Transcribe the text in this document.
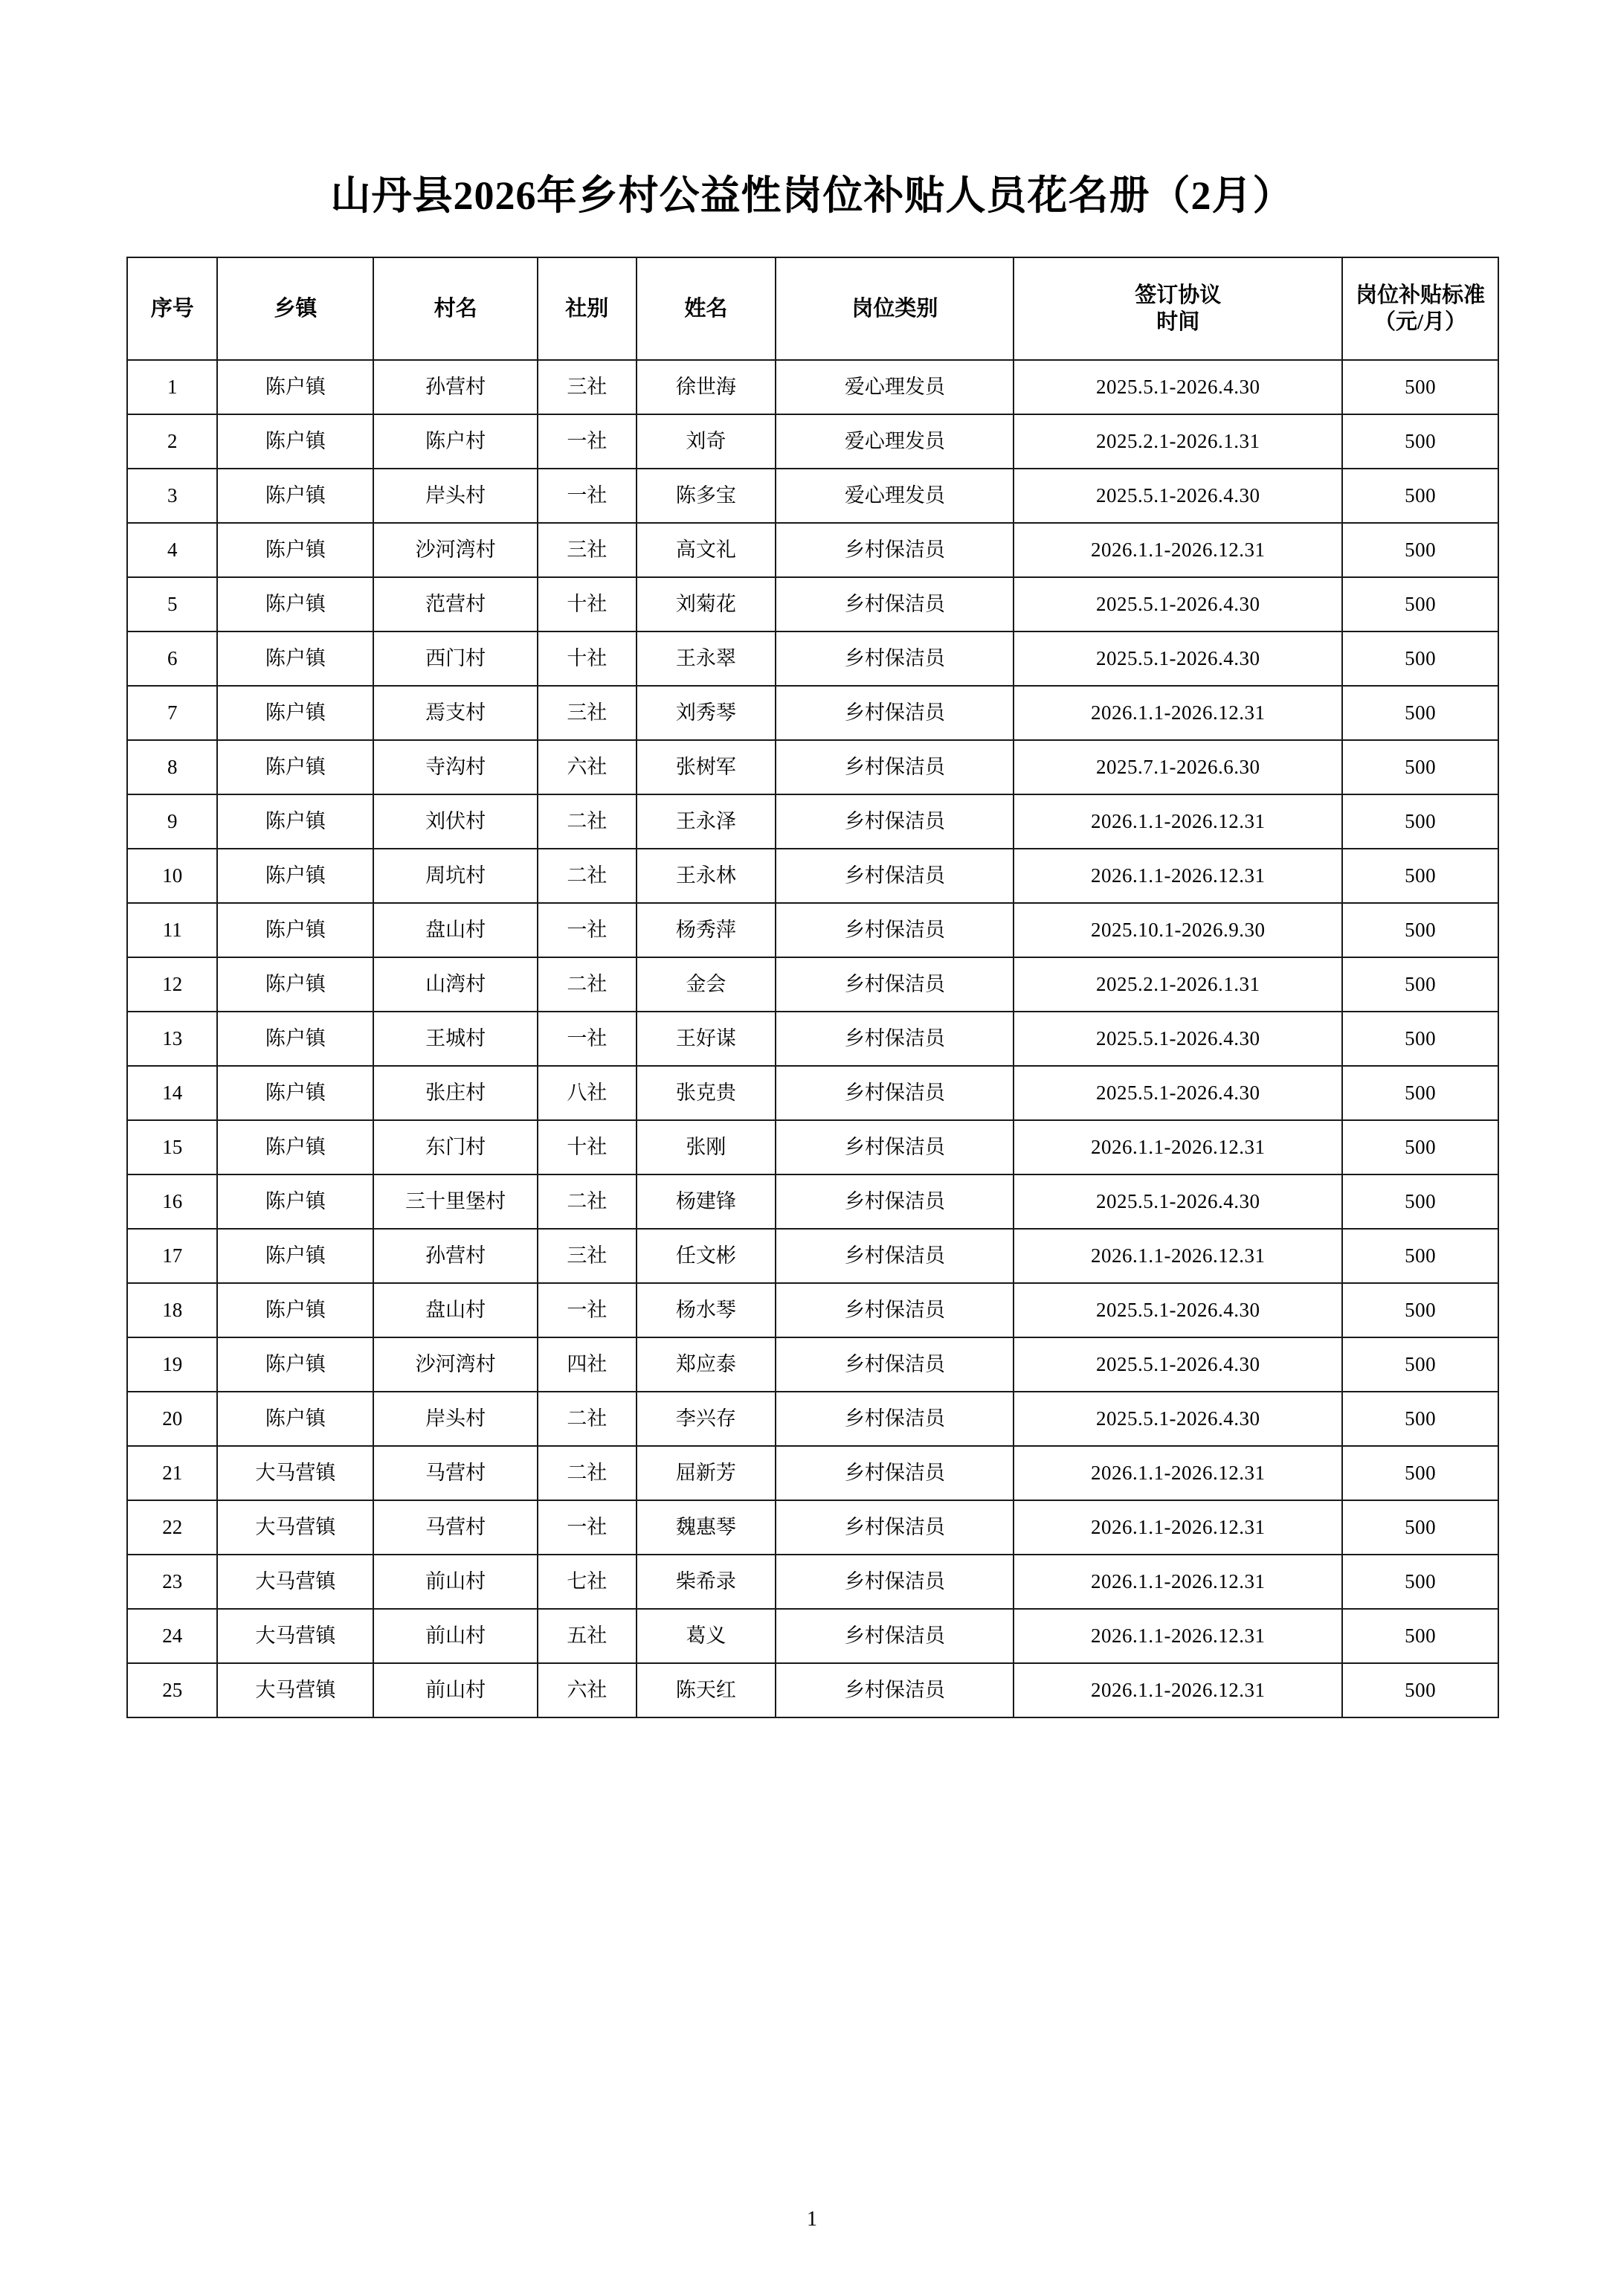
山丹县2026年乡村公益性岗位补贴人员花名册（2月）
序号	乡镇	村名	社别	姓名	岗位类别	签订协议
时间	岗位补贴标准（元/月）
1	陈户镇	孙营村	三社	徐世海	爱心理发员	2025.5.1-2026.4.30	500
2	陈户镇	陈户村	一社	刘奇	爱心理发员	2025.2.1-2026.1.31	500
3	陈户镇	岸头村	一社	陈多宝	爱心理发员	2025.5.1-2026.4.30	500
4	陈户镇	沙河湾村	三社	高文礼	乡村保洁员	2026.1.1-2026.12.31	500
5	陈户镇	范营村	十社	刘菊花	乡村保洁员	2025.5.1-2026.4.30	500
6	陈户镇	西门村	十社	王永翠	乡村保洁员	2025.5.1-2026.4.30	500
7	陈户镇	焉支村	三社	刘秀琴	乡村保洁员	2026.1.1-2026.12.31	500
8	陈户镇	寺沟村	六社	张树军	乡村保洁员	2025.7.1-2026.6.30	500
9	陈户镇	刘伏村	二社	王永泽	乡村保洁员	2026.1.1-2026.12.31	500
10	陈户镇	周坑村	二社	王永林	乡村保洁员	2026.1.1-2026.12.31	500
11	陈户镇	盘山村	一社	杨秀萍	乡村保洁员	2025.10.1-2026.9.30	500
12	陈户镇	山湾村	二社	金会	乡村保洁员	2025.2.1-2026.1.31	500
13	陈户镇	王城村	一社	王好谋	乡村保洁员	2025.5.1-2026.4.30	500
14	陈户镇	张庄村	八社	张克贵	乡村保洁员	2025.5.1-2026.4.30	500
15	陈户镇	东门村	十社	张刚	乡村保洁员	2026.1.1-2026.12.31	500
16	陈户镇	三十里堡村	二社	杨建锋	乡村保洁员	2025.5.1-2026.4.30	500
17	陈户镇	孙营村	三社	任文彬	乡村保洁员	2026.1.1-2026.12.31	500
18	陈户镇	盘山村	一社	杨水琴	乡村保洁员	2025.5.1-2026.4.30	500
19	陈户镇	沙河湾村	四社	郑应泰	乡村保洁员	2025.5.1-2026.4.30	500
20	陈户镇	岸头村	二社	李兴存	乡村保洁员	2025.5.1-2026.4.30	500
21	大马营镇	马营村	二社	屈新芳	乡村保洁员	2026.1.1-2026.12.31	500
22	大马营镇	马营村	一社	魏惠琴	乡村保洁员	2026.1.1-2026.12.31	500
23	大马营镇	前山村	七社	柴希录	乡村保洁员	2026.1.1-2026.12.31	500
24	大马营镇	前山村	五社	葛义	乡村保洁员	2026.1.1-2026.12.31	500
25	大马营镇	前山村	六社	陈天红	乡村保洁员	2026.1.1-2026.12.31	500
1
